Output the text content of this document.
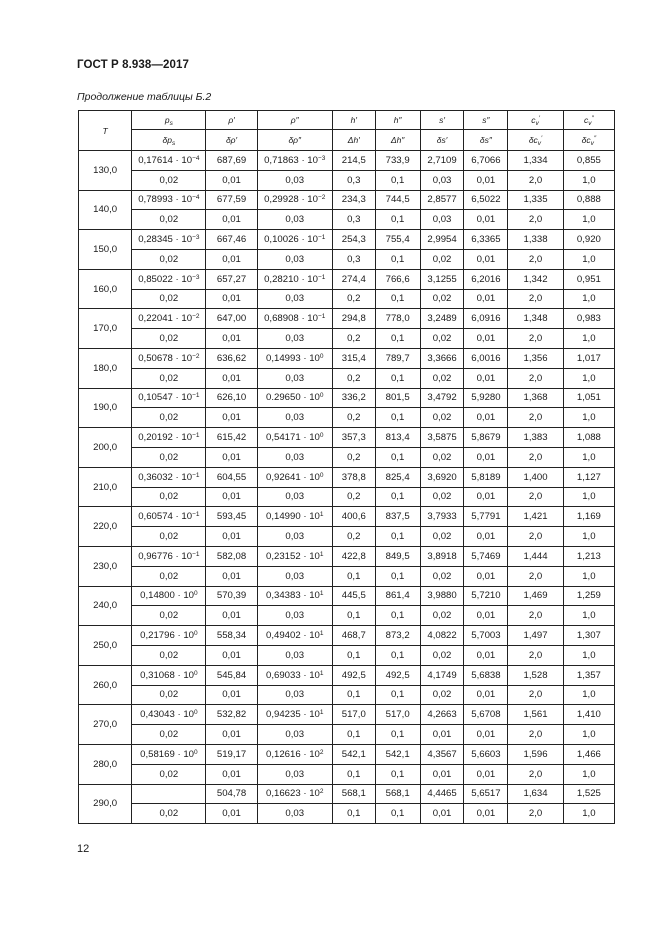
ГОСТ Р 8.938—2017
Продолжение таблицы Б.2
T	$p_s$	ρ′	ρ″	h′	h″	s′	s″	$c_v'$	$c_v''$
	$\delta p_s$	δρ′	δρ″	Δh′	Δh″	δs′	δs″	$\delta c_v'$	$\delta c_v''$
130,0	$0,17614 \cdot 10^{-4}$	687,69	$0,71863 \cdot 10^{-3}$	214,5	733,9	2,7109	6,7066	1,334	0,855
	0,02	0,01	0,03	0,3	0,1	0,03	0,01	2,0	1,0
140,0	$0,78993 \cdot 10^{-4}$	677,59	$0,29928 \cdot 10^{-2}$	234,3	744,5	2,8577	6,5022	1,335	0,888
	0,02	0,01	0,03	0,3	0,1	0,03	0,01	2,0	1,0
150,0	$0,28345 \cdot 10^{-3}$	667,46	$0,10026 \cdot 10^{-1}$	254,3	755,4	2,9954	6,3365	1,338	0,920
	0,02	0,01	0,03	0,3	0,1	0,02	0,01	2,0	1,0
160,0	$0,85022 \cdot 10^{-3}$	657,27	$0,28210 \cdot 10^{-1}$	274,4	766,6	3,1255	6,2016	1,342	0,951
	0,02	0,01	0,03	0,2	0,1	0,02	0,01	2,0	1,0
170,0	$0,22041 \cdot 10^{-2}$	647,00	$0,68908 \cdot 10^{-1}$	294,8	778,0	3,2489	6,0916	1,348	0,983
	0,02	0,01	0,03	0,2	0,1	0,02	0,01	2,0	1,0
180,0	$0,50678 \cdot 10^{-2}$	636,62	$0,14993 \cdot 10^0$	315,4	789,7	3,3666	6,0016	1,356	1,017
	0,02	0,01	0,03	0,2	0,1	0,02	0,01	2,0	1,0
190,0	$0,10547 \cdot 10^{-1}$	626,10	$0.29650 \cdot 10^0$	336,2	801,5	3,4792	5,9280	1,368	1,051
	0,02	0,01	0,03	0,2	0,1	0,02	0,01	2,0	1,0
200,0	$0,20192 \cdot 10^{-1}$	615,42	$0,54171 \cdot 10^0$	357,3	813,4	3,5875	5,8679	1,383	1,088
	0,02	0,01	0,03	0,2	0,1	0,02	0,01	2,0	1,0
210,0	$0,36032 \cdot 10^{-1}$	604,55	$0,92641 \cdot 10^0$	378,8	825,4	3,6920	5,8189	1,400	1,127
	0,02	0,01	0,03	0,2	0,1	0,02	0,01	2,0	1,0
220,0	$0,60574 \cdot 10^{-1}$	593,45	$0,14990 \cdot 10^1$	400,6	837,5	3,7933	5,7791	1,421	1,169
	0,02	0,01	0,03	0,2	0,1	0,02	0,01	2,0	1,0
230,0	$0,96776 \cdot 10^{-1}$	582,08	$0,23152 \cdot 10^1$	422,8	849,5	3,8918	5,7469	1,444	1,213
	0,02	0,01	0,03	0,1	0,1	0,02	0,01	2,0	1,0
240,0	$0,14800 \cdot 10^0$	570,39	$0,34383 \cdot 10^1$	445,5	861,4	3,9880	5,7210	1,469	1,259
	0,02	0,01	0,03	0,1	0,1	0,02	0,01	2,0	1,0
250,0	$0,21796 \cdot 10^0$	558,34	$0,49402 \cdot 10^1$	468,7	873,2	4,0822	5,7003	1,497	1,307
	0,02	0,01	0,03	0,1	0,1	0,02	0,01	2,0	1,0
260,0	$0,31068 \cdot 10^0$	545,84	$0,69033 \cdot 10^1$	492,5	492,5	4,1749	5,6838	1,528	1,357
	0,02	0,01	0,03	0,1	0,1	0,02	0,01	2,0	1,0
270,0	$0,43043 \cdot 10^0$	532,82	$0,94235 \cdot 10^1$	517,0	517,0	4,2663	5,6708	1,561	1,410
	0,02	0,01	0,03	0,1	0,1	0,01	0,01	2,0	1,0
280,0	$0,58169 \cdot 10^0$	519,17	$0,12616 \cdot 10^2$	542,1	542,1	4,3567	5,6603	1,596	1,466
	0,02	0,01	0,03	0,1	0,1	0,01	0,01	2,0	1,0
290,0		504,78	$0,16623 \cdot 10^2$	568,1	568,1	4,4465	5,6517	1,634	1,525
	0,02	0,01	0,03	0,1	0,1	0,01	0,01	2,0	1,0
12
